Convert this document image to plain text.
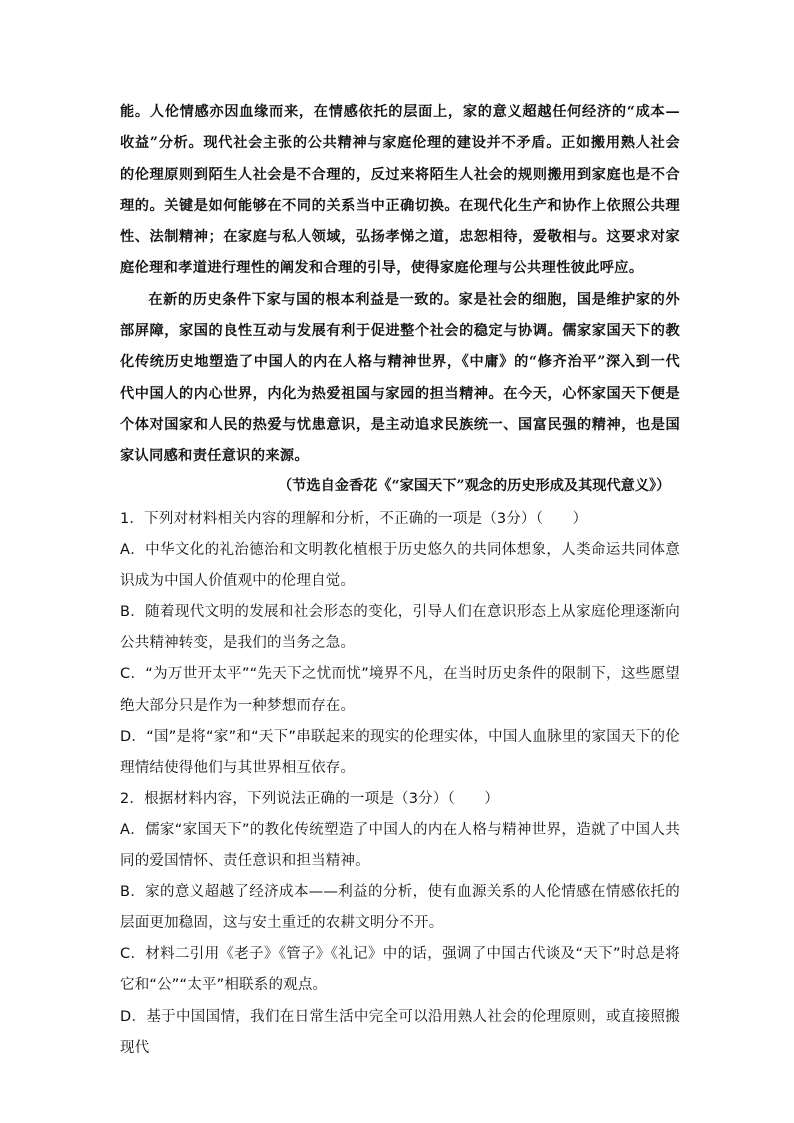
能。人伦情感亦因血缘而来，在情感依托的层面上，家的意义超越任何经济的“成本—收益”分析。现代社会主张的公共精神与家庭伦理的建设并不矛盾。正如搬用熟人社会的伦理原则到陌生人社会是不合理的，反过来将陌生人社会的规则搬用到家庭也是不合理的。关键是如何能够在不同的关系当中正确切换。在现代化生产和协作上依照公共理性、法制精神；在家庭与私人领域，弘扬孝悌之道，忠恕相待，爱敬相与。这要求对家庭伦理和孝道进行理性的阐发和合理的引导，使得家庭伦理与公共理性彼此呼应。

在新的历史条件下家与国的根本利益是一致的。家是社会的细胞，国是维护家的外部屏障，家国的良性互动与发展有利于促进整个社会的稳定与协调。儒家家国天下的教化传统历史地塑造了中国人的内在人格与精神世界，《中庸》的“修齐治平”深入到一代代中国人的内心世界，内化为热爱祖国与家园的担当精神。在今天，心怀家国天下便是个体对国家和人民的热爱与忧患意识，是主动追求民族统一、国富民强的精神，也是国家认同感和责任意识的来源。

（节选自金香花《“家国天下”观念的历史形成及其现代意义》）

1．下列对材料相关内容的理解和分析，不正确的一项是（3分）（　　）

A．中华文化的礼治德治和文明教化植根于历史悠久的共同体想象，人类命运共同体意识成为中国人价值观中的伦理自觉。

B．随着现代文明的发展和社会形态的变化，引导人们在意识形态上从家庭伦理逐渐向公共精神转变，是我们的当务之急。

C．“为万世开太平”“先天下之忧而忧”境界不凡，在当时历史条件的限制下，这些愿望绝大部分只是作为一种梦想而存在。

D．“国”是将“家”和“天下”串联起来的现实的伦理实体，中国人血脉里的家国天下的伦理情结使得他们与其世界相互依存。

2．根据材料内容，下列说法正确的一项是（3分）（　　）

A．儒家“家国天下”的教化传统塑造了中国人的内在人格与精神世界，造就了中国人共同的爱国情怀、责任意识和担当精神。

B．家的意义超越了经济成本——利益的分析，使有血源关系的人伦情感在情感依托的层面更加稳固，这与安土重迁的农耕文明分不开。

C．材料二引用《老子》《管子》《礼记》中的话，强调了中国古代谈及“天下”时总是将它和“公”“太平”相联系的观点。

D．基于中国国情，我们在日常生活中完全可以沿用熟人社会的伦理原则，或直接照搬现代
